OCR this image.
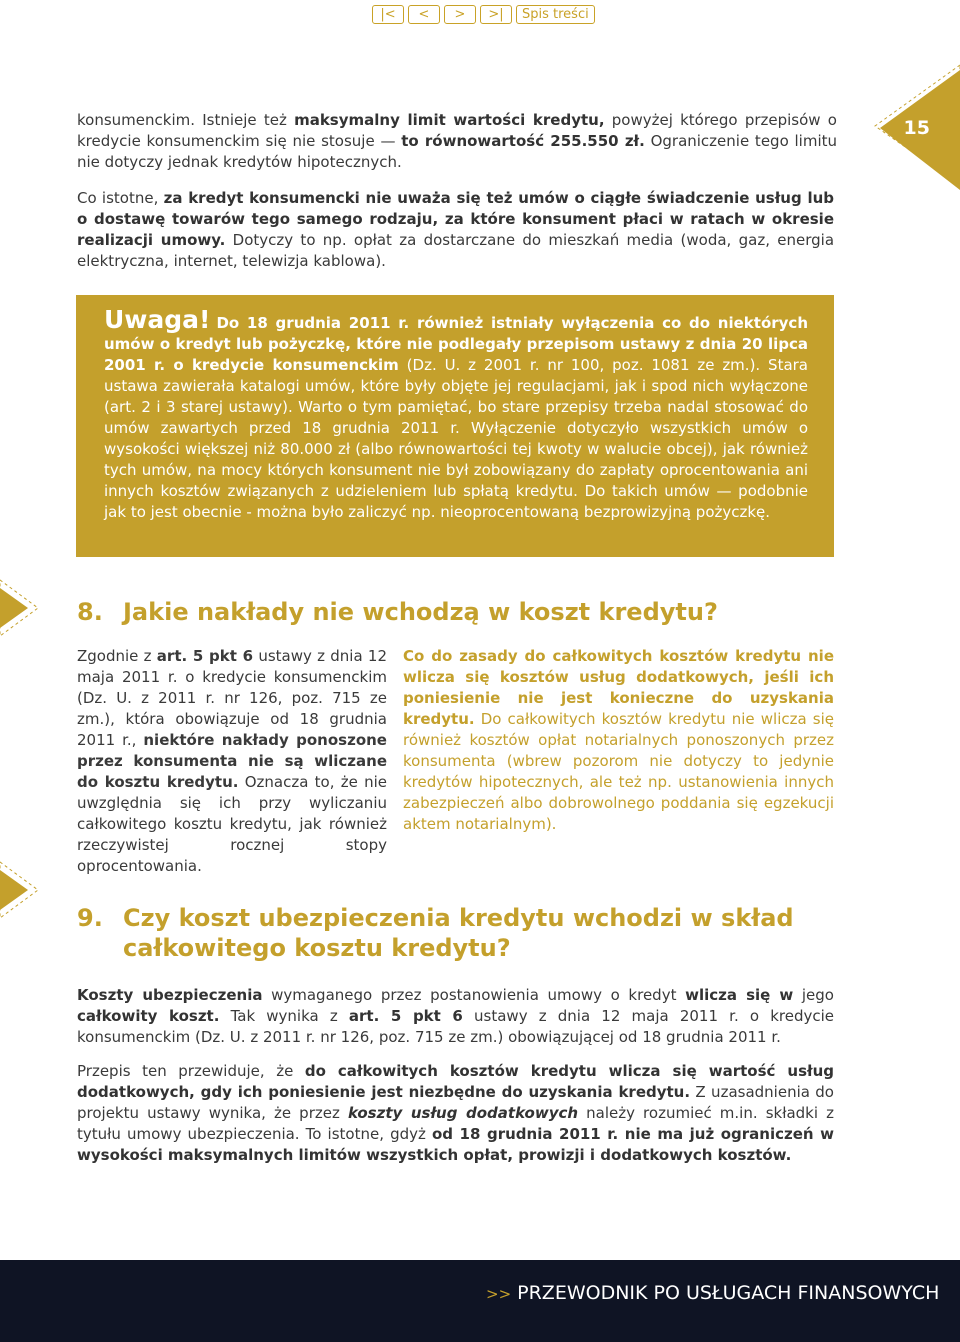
|<	<	>	>|	Spis treści
15

konsumenckim. Istnieje też maksymalny limit wartości kredytu, powyżej którego przepisów o kredycie konsumenckim się nie stosuje — to równowartość 255.550 zł. Ograniczenie tego limitu nie dotyczy jednak kredytów hipotecznych.

Co istotne, za kredyt konsumencki nie uważa się też umów o ciągłe świadczenie usług lub o dostawę towarów tego samego rodzaju, za które konsument płaci w ratach w okresie realizacji umowy. Dotyczy to np. opłat za dostarczane do mieszkań media (woda, gaz, energia elektryczna, internet, telewizja kablowa).

Uwaga! Do 18 grudnia 2011 r. również istniały wyłączenia co do niektórych umów o kredyt lub pożyczkę, które nie podlegały przepisom ustawy z dnia 20 lipca 2001 r. o kredycie konsumenckim (Dz. U. z 2001 r. nr 100, poz. 1081 ze zm.). Stara ustawa zawierała katalogi umów, które były objęte jej regulacjami, jak i spod nich wyłączone (art. 2 i 3 starej ustawy). Warto o tym pamiętać, bo stare przepisy trzeba nadal stosować do umów zawartych przed 18 grudnia 2011 r. Wyłączenie dotyczyło wszystkich umów o wysokości większej niż 80.000 zł (albo równowartości tej kwoty w walucie obcej), jak również tych umów, na mocy których konsument nie był zobowiązany do zapłaty oprocentowania ani innych kosztów związanych z udzieleniem lub spłatą kredytu. Do takich umów — podobnie jak to jest obecnie - można było zaliczyć np. nieoprocentowaną bezprowizyjną pożyczkę.
8. Jakie nakłady nie wchodzą w koszt kredytu?

Zgodnie z art. 5 pkt 6 ustawy z dnia 12 maja 2011 r. o kredycie konsumenckim (Dz. U. z 2011 r. nr 126, poz. 715 ze zm.), która obowiązuje od 18 grudnia 2011 r., niektóre nakłady ponoszone przez konsumenta nie są wliczane do kosztu kredytu. Oznacza to, że nie uwzględnia się ich przy wyliczaniu całkowitego kosztu kredytu, jak również rzeczywistej rocznej stopy oprocentowania.

Co do zasady do całkowitych kosztów kredytu nie wlicza się kosztów usług dodatkowych, jeśli ich poniesienie nie jest konieczne do uzyskania kredytu. Do całkowitych kosztów kredytu nie wlicza się również kosztów opłat notarialnych ponoszonych przez konsumenta (wbrew pozorom nie dotyczy to jedynie kredytów hipotecznych, ale też np. ustanowienia innych zabezpieczeń albo dobrowolnego poddania się egzekucji aktem notarialnym).

9. Czy koszt ubezpieczenia kredytu wchodzi w skład
całkowitego kosztu kredytu?

Koszty ubezpieczenia wymaganego przez postanowienia umowy o kredyt wlicza się w jego całkowity koszt. Tak wynika z art. 5 pkt 6 ustawy z dnia 12 maja 2011 r. o kredycie konsumenckim (Dz. U. z 2011 r. nr 126, poz. 715 ze zm.) obowiązującej od 18 grudnia 2011 r.

Przepis ten przewiduje, że do całkowitych kosztów kredytu wlicza się wartość usług dodatkowych, gdy ich poniesienie jest niezbędne do uzyskania kredytu. Z uzasadnienia do projektu ustawy wynika, że przez koszty usług dodatkowych należy rozumieć m.in. składki z tytułu umowy ubezpieczenia. To istotne, gdyż od 18 grudnia 2011 r. nie ma już ograniczeń w wysokości maksymalnych limitów wszystkich opłat, prowizji i dodatkowych kosztów.

>> PRZEWODNIK PO USŁUGACH FINANSOWYCH
